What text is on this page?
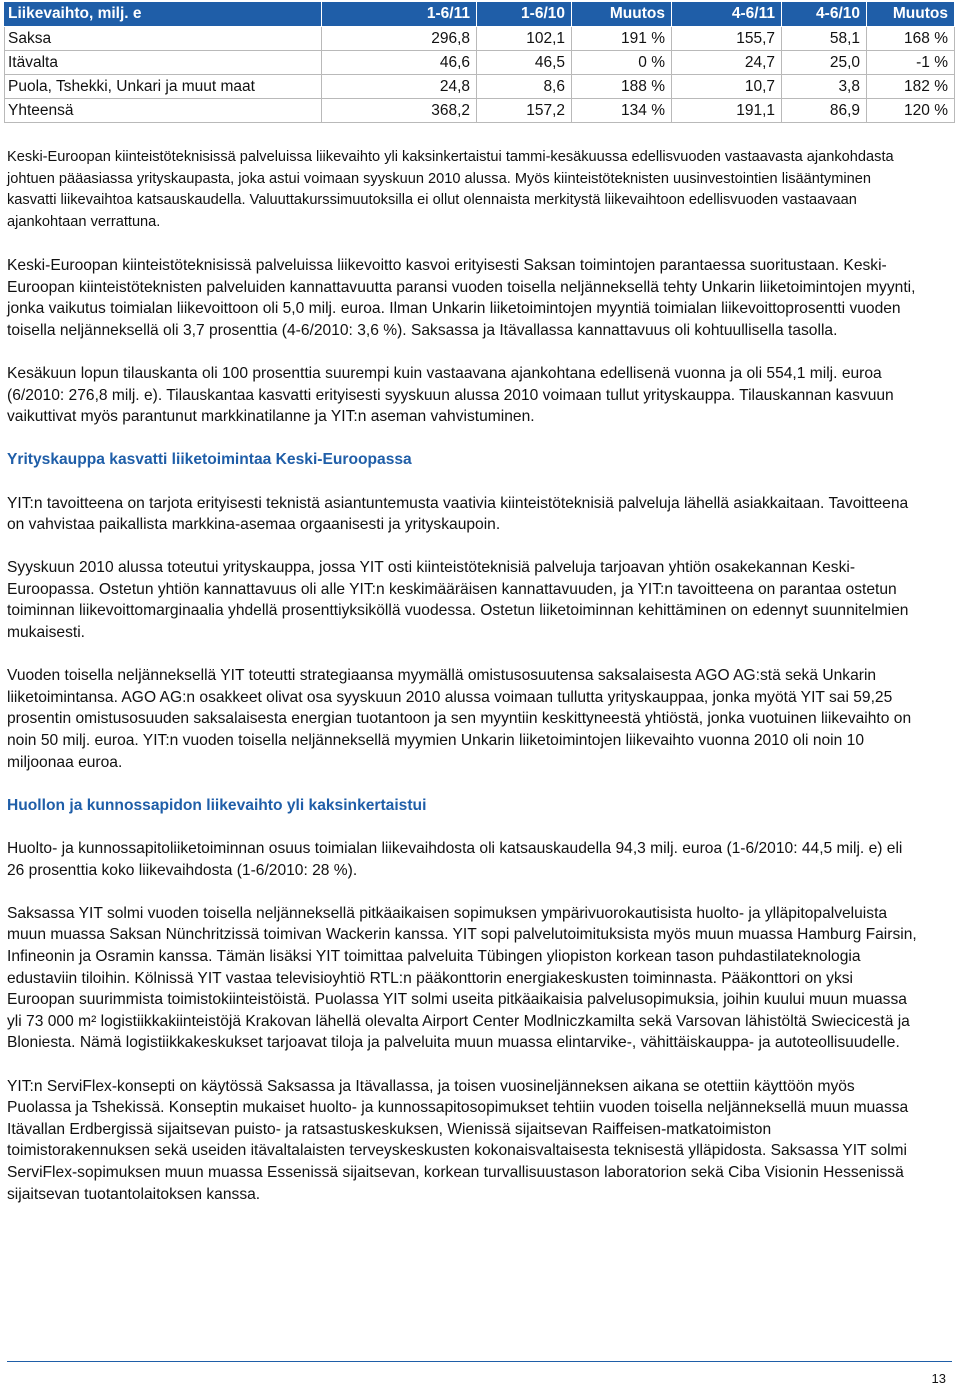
Liikevaihto, milj. e	1-6/11	1-6/10	Muutos	4-6/11	4-6/10	Muutos
Saksa	296,8	102,1	191 %	155,7	58,1	168 %
Itävalta	46,6	46,5	0 %	24,7	25,0	-1 %
Puola, Tshekki, Unkari ja muut maat	24,8	8,6	188 %	10,7	3,8	182 %
Yhteensä	368,2	157,2	134 %	191,1	86,9	120 %

Keski-Euroopan kiinteistöteknisissä palveluissa liikevaihto yli kaksinkertaistui tammi-kesäkuussa edellisvuoden vastaavasta ajankohdasta johtuen pääasiassa yrityskaupasta, joka astui voimaan syyskuun 2010 alussa. Myös kiinteistöteknisten uusinvestointien lisääntyminen kasvatti liikevaihtoa katsauskaudella. Valuuttakurssimuutoksilla ei ollut olennaista merkitystä liikevaihtoon edellisvuoden vastaavaan ajankohtaan verrattuna.

Keski-Euroopan kiinteistöteknisissä palveluissa liikevoitto kasvoi erityisesti Saksan toimintojen parantaessa suoritustaan. Keski-Euroopan kiinteistöteknisten palveluiden kannattavuutta paransi vuoden toisella neljänneksellä tehty Unkarin liiketoimintojen myynti, jonka vaikutus toimialan liikevoittoon oli 5,0 milj. euroa. Ilman Unkarin liiketoimintojen myyntiä toimialan liikevoittoprosentti vuoden toisella neljänneksellä oli 3,7 prosenttia (4-6/2010: 3,6 %). Saksassa ja Itävallassa kannattavuus oli kohtuullisella tasolla.

Kesäkuun lopun tilauskanta oli 100 prosenttia suurempi kuin vastaavana ajankohtana edellisenä vuonna ja oli 554,1 milj. euroa (6/2010: 276,8 milj. e). Tilauskantaa kasvatti erityisesti syyskuun alussa 2010 voimaan tullut yrityskauppa. Tilauskannan kasvuun vaikuttivat myös parantunut markkinatilanne ja YIT:n aseman vahvistuminen.

Yrityskauppa kasvatti liiketoimintaa Keski-Euroopassa

YIT:n tavoitteena on tarjota erityisesti teknistä asiantuntemusta vaativia kiinteistöteknisiä palveluja lähellä asiakkaitaan. Tavoitteena on vahvistaa paikallista markkina-asemaa orgaanisesti ja yrityskaupoin.

Syyskuun 2010 alussa toteutui yrityskauppa, jossa YIT osti kiinteistöteknisiä palveluja tarjoavan yhtiön osakekannan Keski-Euroopassa. Ostetun yhtiön kannattavuus oli alle YIT:n keskimääräisen kannattavuuden, ja YIT:n tavoitteena on parantaa ostetun toiminnan liikevoittomarginaalia yhdellä prosenttiyksiköllä vuodessa. Ostetun liiketoiminnan kehittäminen on edennyt suunnitelmien mukaisesti.

Vuoden toisella neljänneksellä YIT toteutti strategiaansa myymällä omistusosuutensa saksalaisesta AGO AG:stä sekä Unkarin liiketoimintansa. AGO AG:n osakkeet olivat osa syyskuun 2010 alussa voimaan tullutta yrityskauppaa, jonka myötä YIT sai 59,25 prosentin omistusosuuden saksalaisesta energian tuotantoon ja sen myyntiin keskittyneestä yhtiöstä, jonka vuotuinen liikevaihto on noin 50 milj. euroa. YIT:n vuoden toisella neljänneksellä myymien Unkarin liiketoimintojen liikevaihto vuonna 2010 oli noin 10 miljoonaa euroa.

Huollon ja kunnossapidon liikevaihto yli kaksinkertaistui

Huolto- ja kunnossapitoliiketoiminnan osuus toimialan liikevaihdosta oli katsauskaudella 94,3 milj. euroa (1-6/2010: 44,5 milj. e) eli 26 prosenttia koko liikevaihdosta (1-6/2010: 28 %).

Saksassa YIT solmi vuoden toisella neljänneksellä pitkäaikaisen sopimuksen ympärivuorokautisista huolto- ja ylläpitopalveluista muun muassa Saksan Nünchritzissä toimivan Wackerin kanssa. YIT sopi palvelutoimituksista myös muun muassa Hamburg Fairsin, Infineonin ja Osramin kanssa. Tämän lisäksi YIT toimittaa palveluita Tübingen yliopiston korkean tason puhdastilateknologia edustaviin tiloihin. Kölnissä YIT vastaa televisioyhtiö RTL:n pääkonttorin energiakeskusten toiminnasta. Pääkonttori on yksi Euroopan suurimmista toimistokiinteistöistä. Puolassa YIT solmi useita pitkäaikaisia palvelusopimuksia, joihin kuului muun muassa yli 73 000 m² logistiikkakiinteistöjä Krakovan lähellä olevalta Airport Center Modlniczkamilta sekä Varsovan lähistöltä Swiecicestä ja Bloniesta. Nämä logistiikkakeskukset tarjoavat tiloja ja palveluita muun muassa elintarvike-, vähittäiskauppa- ja autoteollisuudelle.

YIT:n ServiFlex-konsepti on käytössä Saksassa ja Itävallassa, ja toisen vuosineljänneksen aikana se otettiin käyttöön myös Puolassa ja Tshekissä. Konseptin mukaiset huolto- ja kunnossapitosopimukset tehtiin vuoden toisella neljänneksellä muun muassa Itävallan Erdbergissä sijaitsevan puisto- ja ratsastuskeskuksen, Wienissä sijaitsevan Raiffeisen-matkatoimiston toimistorakennuksen sekä useiden itävaltalaisten terveyskeskusten kokonaisvaltaisesta teknisestä ylläpidosta. Saksassa YIT solmi ServiFlex-sopimuksen muun muassa Essenissä sijaitsevan, korkean turvallisuustason laboratorion sekä Ciba Visionin Hessenissä sijaitsevan tuotantolaitoksen kanssa.

13
